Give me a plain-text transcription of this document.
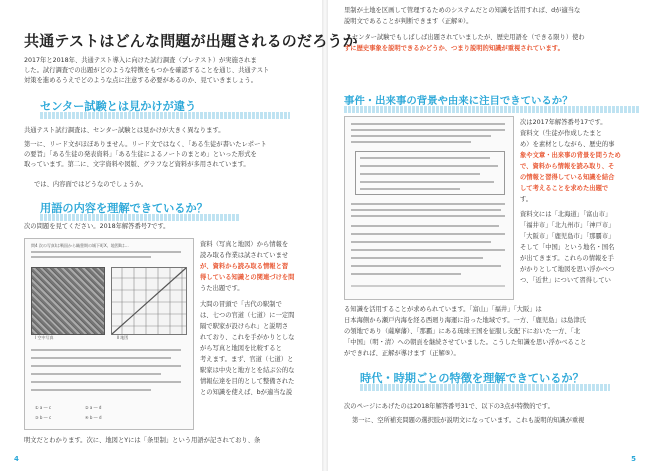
共通テストはどんな問題が出題されるのだろうか
2017年と2018年、共通テスト導入に向けた試行調査（プレテスト）が実施されま
した。試行調査での出題がどのような特徴をもつかを確認することを通じ、共通テスト
対策を進めるうえでどのような点に注意する必要があるのか、見ていきましょう。
センター試験とは見かけが違う
共通テスト試行調査は、センター試験とは見かけが大きく異なります。
第一に、リード文がほぼありません。リード文ではなく、「ある生徒が書いたレポート
の要旨」「ある生徒の発表資料」「ある生徒によるノートのまとめ」といった形式を
取っています。第二に、文字資料や図版、グラフなど資料が多用されています。
では、内容面ではどうなのでしょうか。
用語の内容を理解できているか？
次の問題を見てください。2018年解答番号7です。
問4 次の写真Ⅰは戦国から織豊期の城下町X、地図Ⅱは…
Ⅰ 空中写真	Ⅱ 地図
① a ― c	② a ― d
③ b ― c	④ b ― d
資料（写真と地図）から情報を
読み取る作業は試されていませ
が、資料から読み取る情報と習
得している知識との関連づけを問
うた出題です。
大問の冒頭で「古代の駅制で
は、七つの官道（七道）に一定間
隔で駅家が設けられ」と説明さ
れており、これを手がかりとしな
がら写真と地図を比較すると
考えます。まず、官道（七道）と
駅家は中央と地方とを結ぶ公的な
情報伝達を目的として整備された
との知識を使えば、bが適当な説
明文だとわかります。次に、地図とYには「条里制」という用語が記されており、条
4
里制が土地を区画して管理するためのシステムだとの知識を活用すれば、dが適当な
説明文であることが判断できます（正解④）。
センター試験でもしばしば出題されていましたが、歴史用語を（できる限り）使わ
ずに歴史事象を説明できるかどうか、つまり説明的知識が重視されています。
事件・出来事の背景や由来に注目できているか？
次は2017年解答番号17です。
資料文（生徒が作成したまと
め）を素材としながら、歴史的事
象や文章・出来事の背景を問うため
で、資料から情報を読み取り、そ
の情報と習得している知識を結合
して考えることを求めた出題で
す。
資料文には「北海道」「富山市」
「福井市」「北九州市」「神戸市」
「大阪市」「鹿児島市」「那覇市」
そして「中国」という地名・国名
が出てきます。これらの情報を手
がかりとして地図を思い浮かべつ
つ、「近世」について習得してい
る知識を活用することが求められています。「富山」「福井」「大阪」は
日本海側から瀬戸内海を経る西廻り海運に沿った地域です。一方、「鹿児島」は島津氏
の領地であり（薩摩藩）、「那覇」にある琉球王国を征服し支配下においた一方、「北
「中国」（明・清）への朝貢を継続させていました。こうした知識を思い浮かべること
ができれば、正解が導けます（正解⑤）。
時代・時期ごとの特徴を理解できているか？
次のページにあげたのは2018年解答番号31で、以下の3点が特徴的です。
第一に、空所補充問題の選択肢が説明文になっています。これも説明的知識が重視
5
